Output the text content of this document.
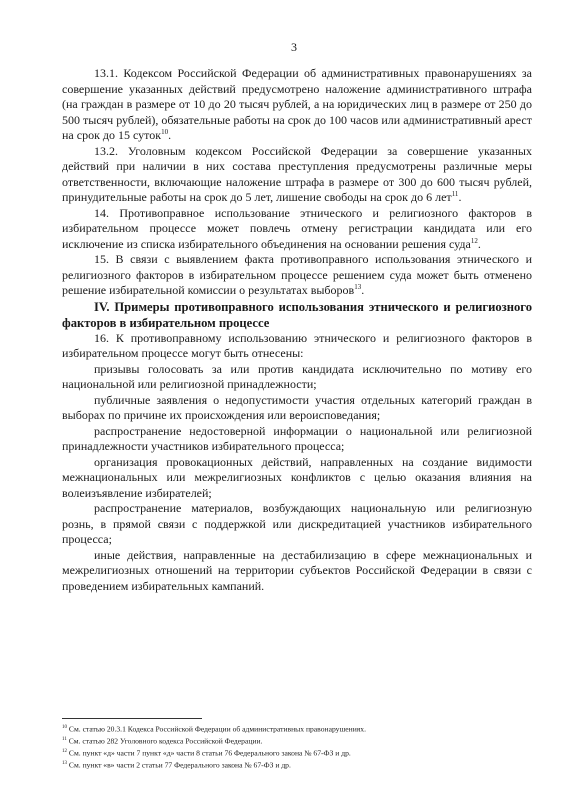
3

13.1. Кодексом Российской Федерации об административных правонарушениях за совершение указанных действий предусмотрено наложение административного штрафа (на граждан в размере от 10 до 20 тысяч рублей, а на юридических лиц в размере от 250 до 500 тысяч рублей), обязательные работы на срок до 100 часов или административный арест на срок до 15 суток$^{10}$.

13.2. Уголовным кодексом Российской Федерации за совершение указанных действий при наличии в них состава преступления предусмотрены различные меры ответственности, включающие наложение штрафа в размере от 300 до 600 тысяч рублей, принудительные работы на срок до 5 лет, лишение свободы на срок до 6 лет$^{11}$.

14. Противоправное использование этнического и религиозного факторов в избирательном процессе может повлечь отмену регистрации кандидата или его исключение из списка избирательного объединения на основании решения суда$^{12}$.

15. В связи с выявлением факта противоправного использования этнического и религиозного факторов в избирательном процессе решением суда может быть отменено решение избирательной комиссии о результатах выборов$^{13}$.

IV. Примеры противоправного использования этнического и религиозного факторов в избирательном процессе

16. К противоправному использованию этнического и религиозного факторов в избирательном процессе могут быть отнесены:

призывы голосовать за или против кандидата исключительно по мотиву его национальной или религиозной принадлежности;

публичные заявления о недопустимости участия отдельных категорий граждан в выборах по причине их происхождения или вероисповедания;

распространение недостоверной информации о национальной или религиозной принадлежности участников избирательного процесса;

организация провокационных действий, направленных на создание видимости межнациональных или межрелигиозных конфликтов с целью оказания влияния на волеизъявление избирателей;

распространение материалов, возбуждающих национальную или религиозную рознь, в прямой связи с поддержкой или дискредитацией участников избирательного процесса;

иные действия, направленные на дестабилизацию в сфере межнациональных и межрелигиозных отношений на территории субъектов Российской Федерации в связи с проведением избирательных кампаний.

$^{10}$ См. статью 20.3.1 Кодекса Российской Федерации об административных правонарушениях.

$^{11}$ См. статью 282 Уголовного кодекса Российской Федерации.

$^{12}$ См. пункт «д» части 7 пункт «д» части 8 статьи 76 Федерального закона № 67-ФЗ и др.

$^{13}$ См. пункт «в» части 2 статьи 77 Федерального закона № 67-ФЗ и др.
